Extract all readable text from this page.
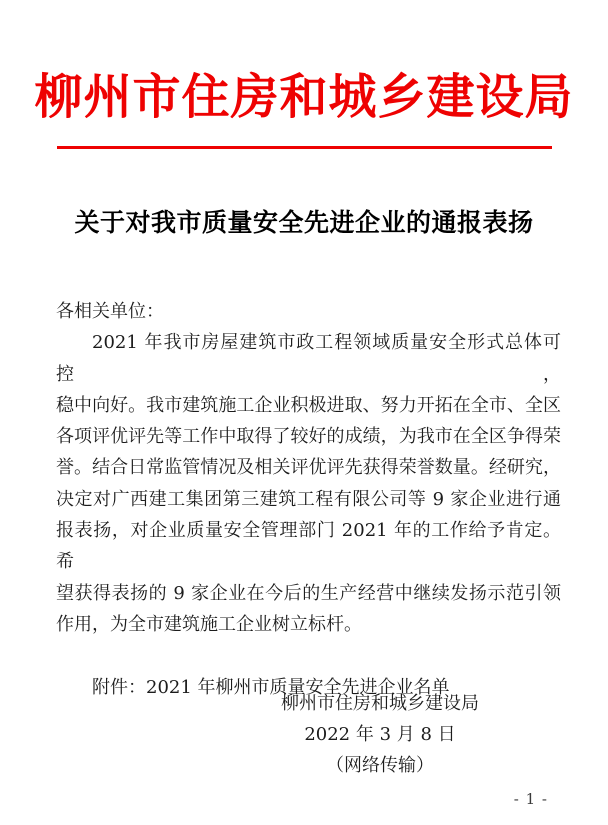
柳州市住房和城乡建设局
关于对我市质量安全先进企业的通报表扬
各相关单位：
2021 年我市房屋建筑市政工程领域质量安全形式总体可控，
稳中向好。我市建筑施工企业积极进取、努力开拓在全市、全区
各项评优评先等工作中取得了较好的成绩，为我市在全区争得荣
誉。结合日常监管情况及相关评优评先获得荣誉数量。经研究，
决定对广西建工集团第三建筑工程有限公司等 9 家企业进行通
报表扬，对企业质量安全管理部门 2021 年的工作给予肯定。希
望获得表扬的 9 家企业在今后的生产经营中继续发扬示范引领
作用，为全市建筑施工企业树立标杆。
附件：2021 年柳州市质量安全先进企业名单
柳州市住房和城乡建设局
2022 年 3 月 8 日
（网络传输）
- 1 -
